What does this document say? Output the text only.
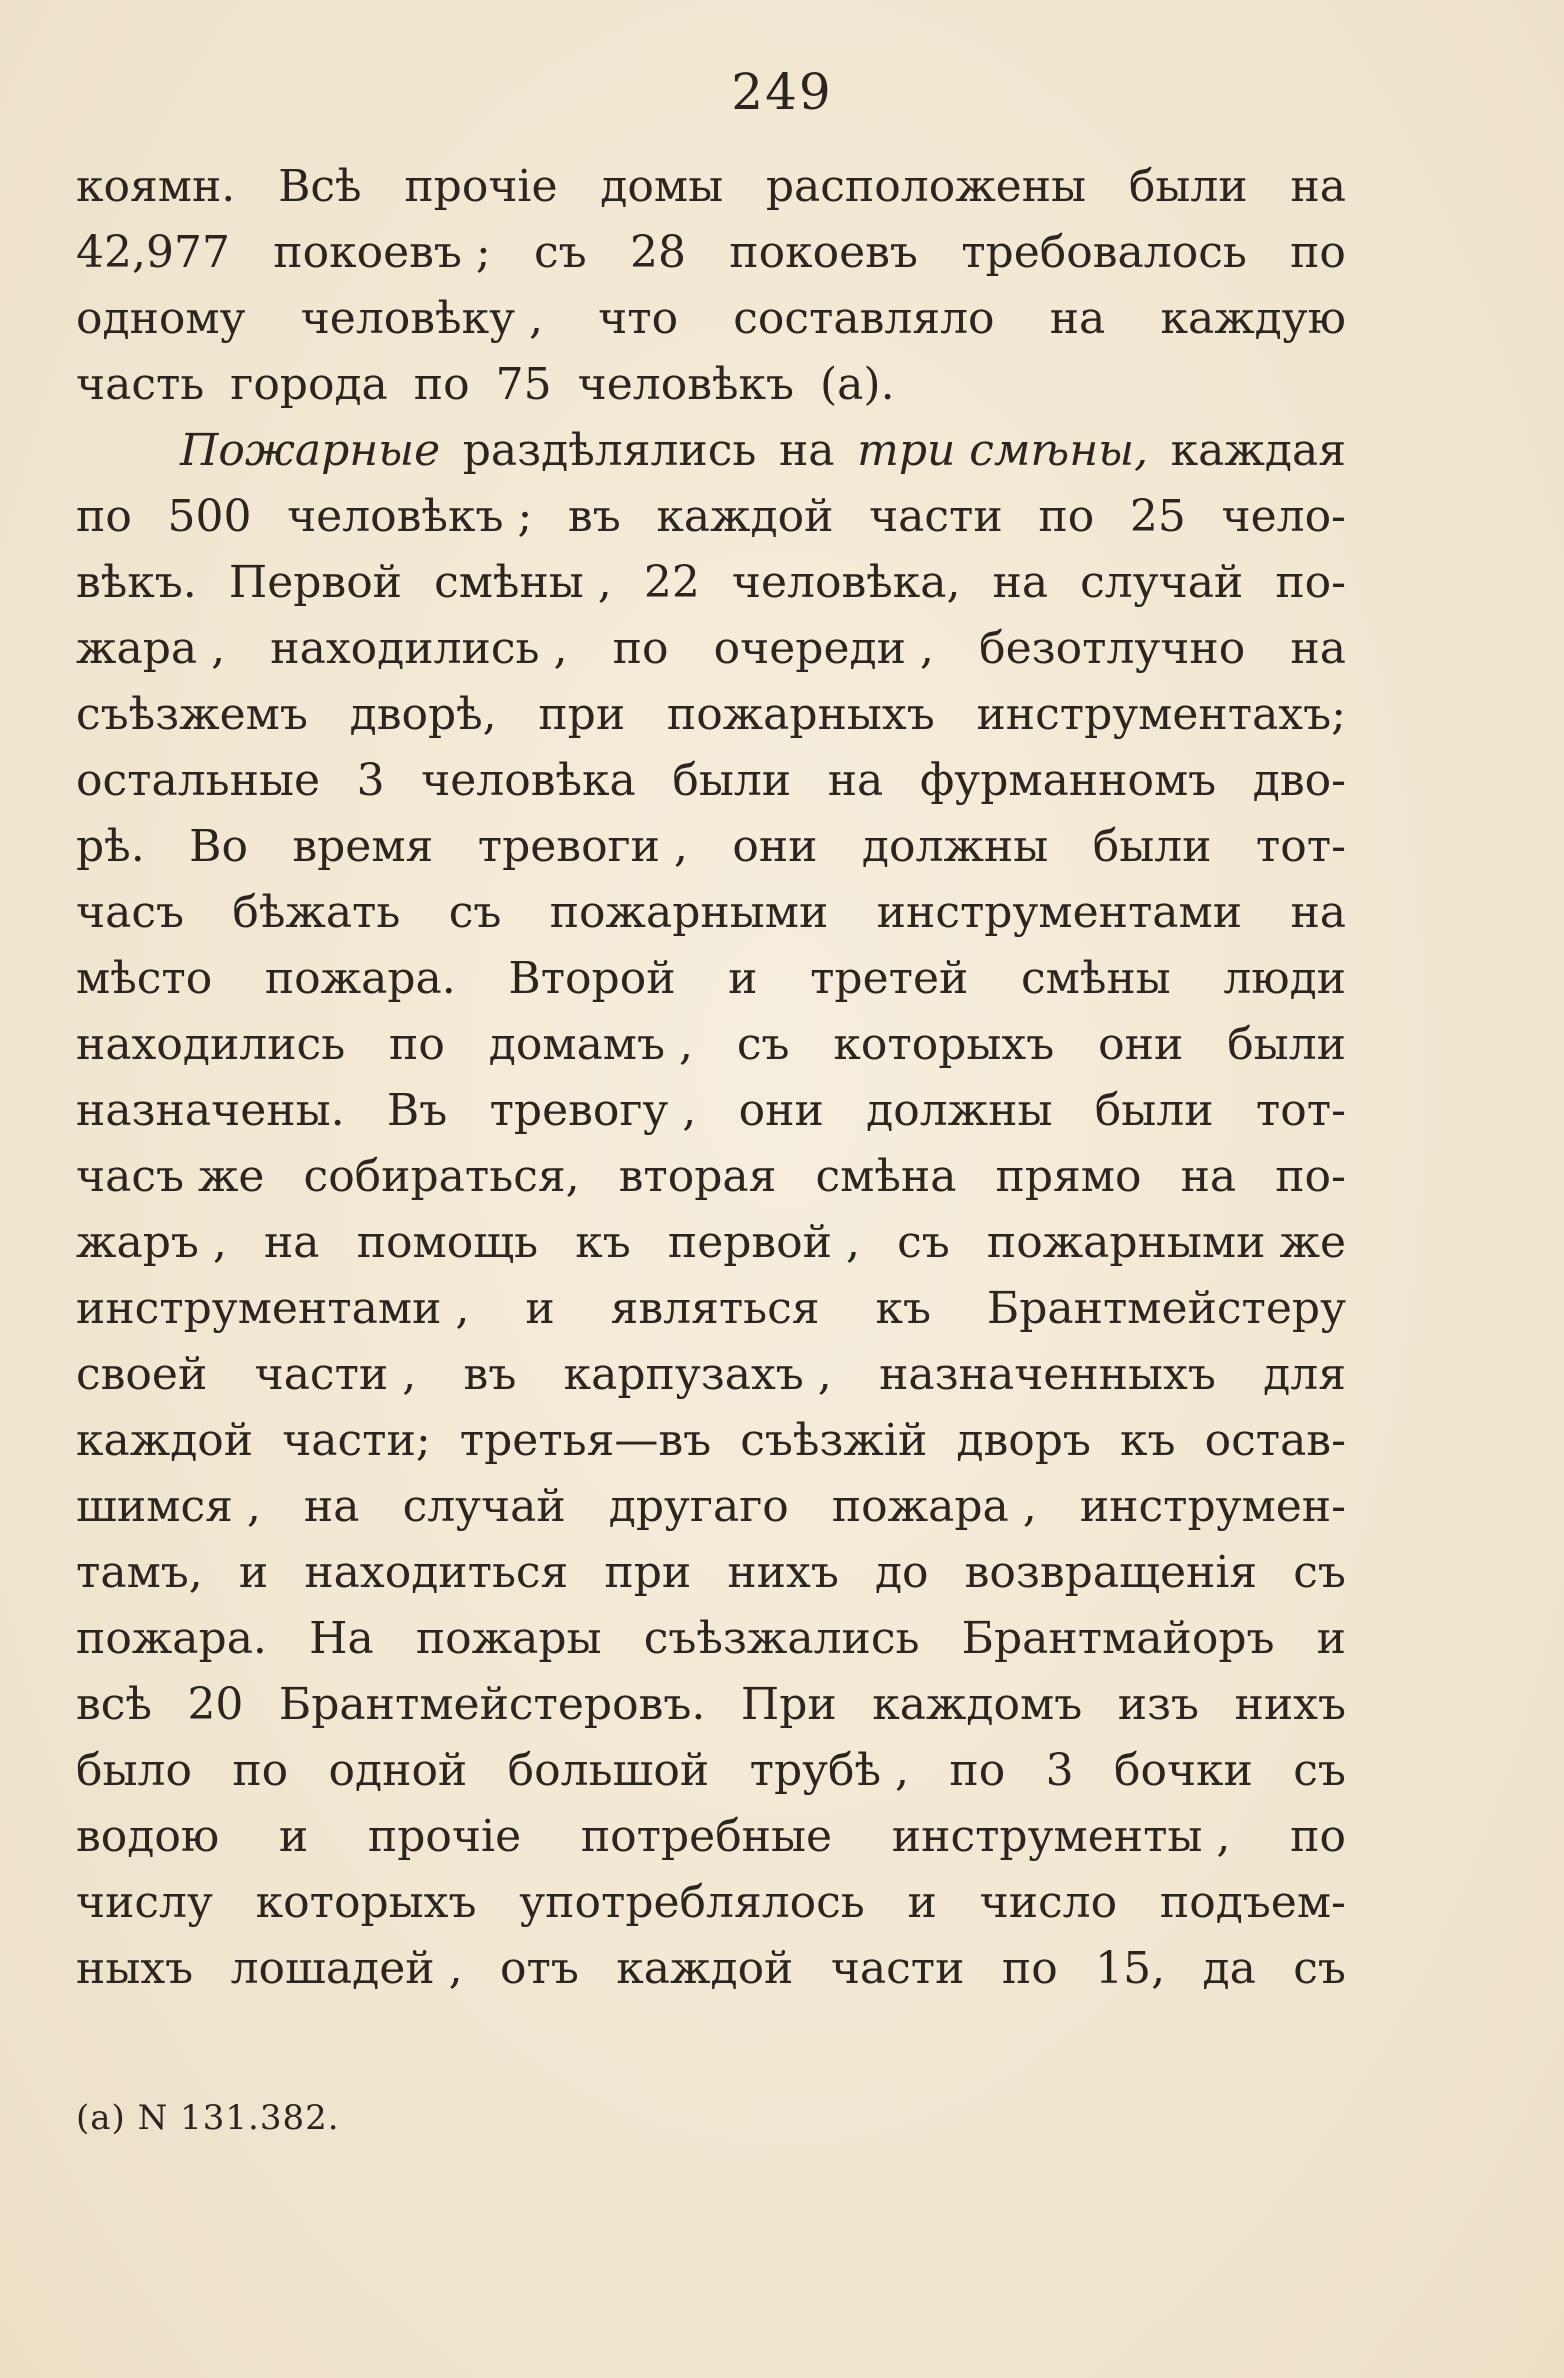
249
коямн. Всѣ прочіе домы расположены были на
42,977 покоевъ ; съ 28 покоевъ требовалось по
одному человѣку , что составляло на каждую
часть города по 75 человѣкъ (а).
Пожарные раздѣлялись на три смѣны, каждая
по 500 человѣкъ ; въ каждой части по 25 чело-
вѣкъ. Первой смѣны , 22 человѣка, на случай по-
жара , находились , по очереди , безотлучно на
съѣзжемъ дворѣ, при пожарныхъ инструментахъ;
остальные 3 человѣка были на фурманномъ дво-
рѣ. Во время тревоги , они должны были тот-
часъ бѣжать съ пожарными инструментами на
мѣсто пожара. Второй и третей смѣны люди
находились по домамъ , съ которыхъ они были
назначены. Въ тревогу , они должны были тот-
часъ же собираться, вторая смѣна прямо на по-
жаръ , на помощь къ первой , съ пожарными же
инструментами , и являться къ Брантмейстеру
своей части , въ карпузахъ , назначенныхъ для
каждой части; третья—въ съѣзжій дворъ къ остав-
шимся , на случай другаго пожара , инструмен-
тамъ, и находиться при нихъ до возвращенія съ
пожара. На пожары съѣзжались Брантмайоръ и
всѣ 20 Брантмейстеровъ. При каждомъ изъ нихъ
было по одной большой трубѣ , по 3 бочки съ
водою и прочіе потребные инструменты , по
числу которыхъ употреблялось и число подъем-
ныхъ лошадей , отъ каждой части по 15, да съ
(а) N 131.382.
